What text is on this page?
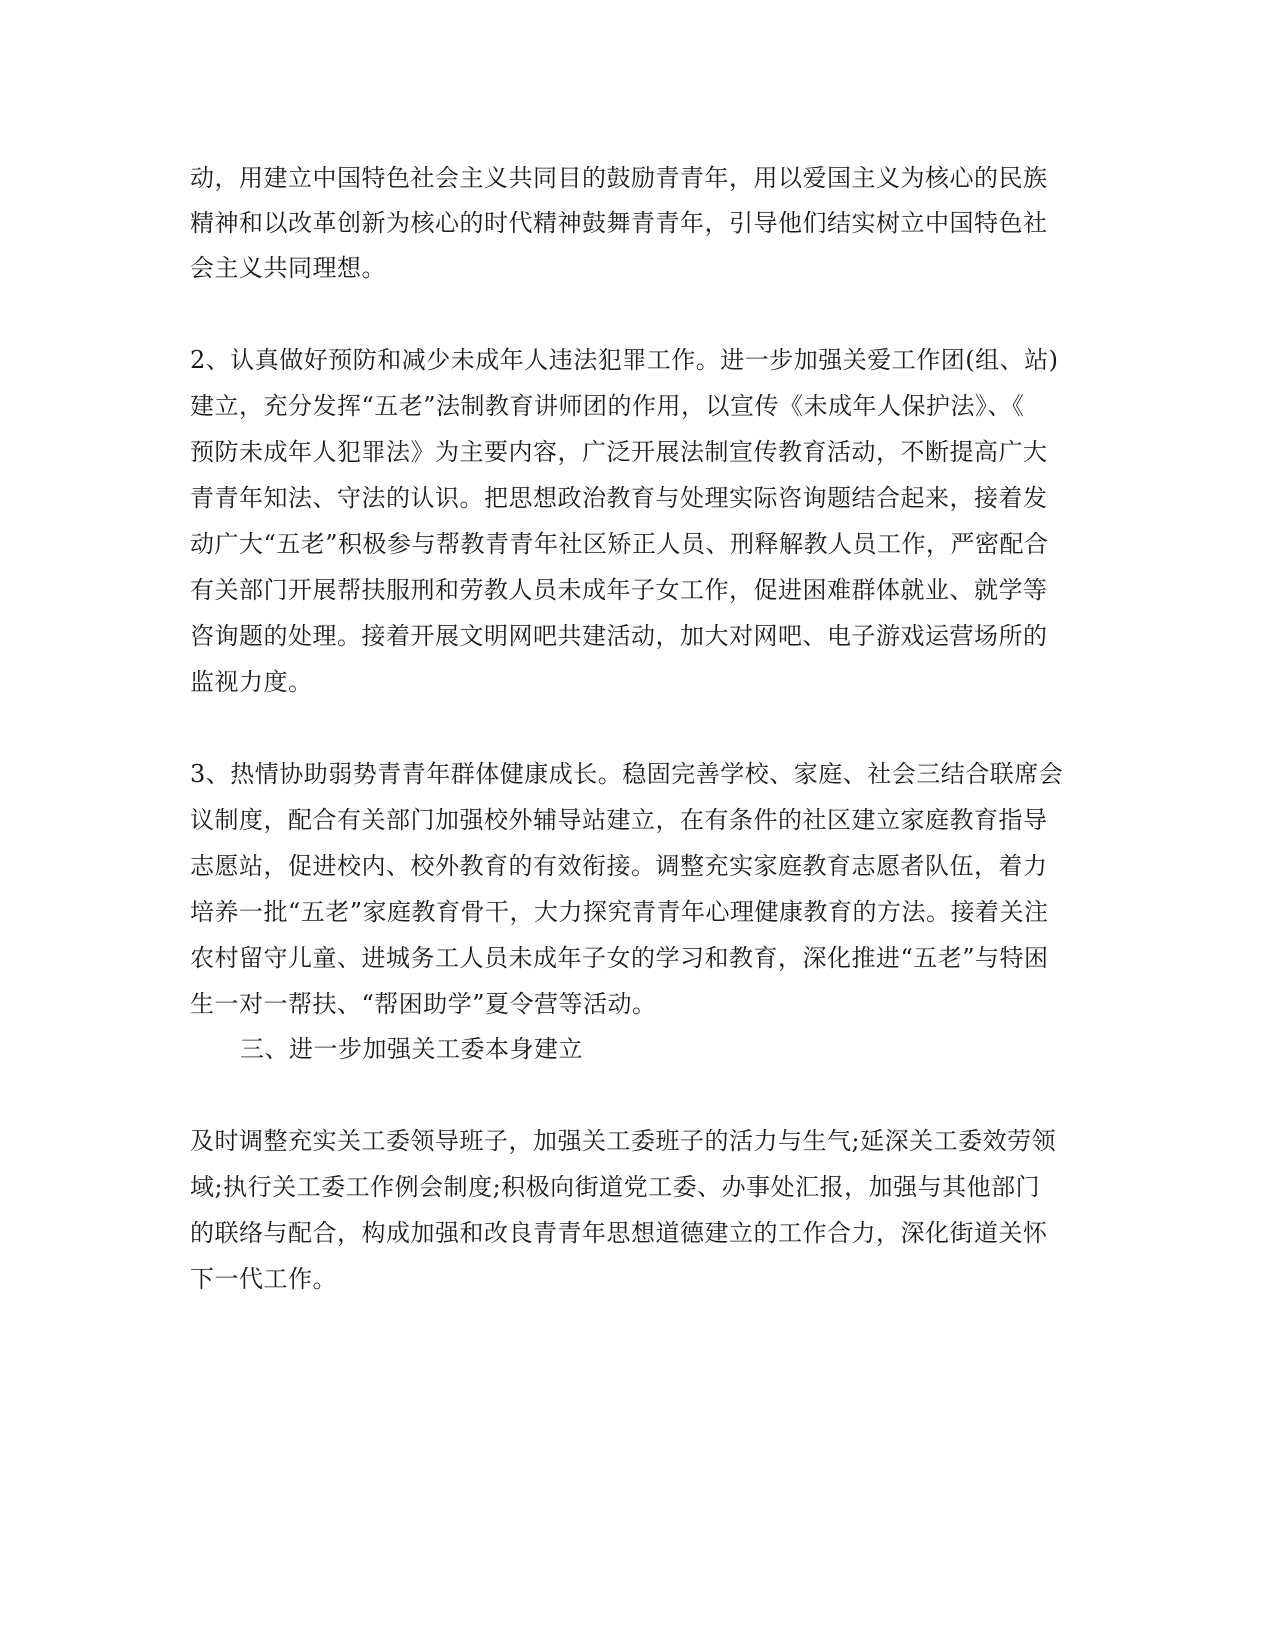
动，用建立中国特色社会主义共同目的鼓励青青年，用以爱国主义为核心的民族
精神和以改革创新为核心的时代精神鼓舞青青年，引导他们结实树立中国特色社
会主义共同理想。
2、认真做好预防和减少未成年人违法犯罪工作。进一步加强关爱工作团(组、站)
建立，充分发挥“五老”法制教育讲师团的作用，以宣传《未成年人保护法》、《
预防未成年人犯罪法》为主要内容，广泛开展法制宣传教育活动，不断提高广大
青青年知法、守法的认识。把思想政治教育与处理实际咨询题结合起来，接着发
动广大“五老”积极参与帮教青青年社区矫正人员、刑释解教人员工作，严密配合
有关部门开展帮扶服刑和劳教人员未成年子女工作，促进困难群体就业、就学等
咨询题的处理。接着开展文明网吧共建活动，加大对网吧、电子游戏运营场所的
监视力度。
3、热情协助弱势青青年群体健康成长。稳固完善学校、家庭、社会三结合联席会
议制度，配合有关部门加强校外辅导站建立，在有条件的社区建立家庭教育指导
志愿站，促进校内、校外教育的有效衔接。调整充实家庭教育志愿者队伍，着力
培养一批“五老”家庭教育骨干，大力探究青青年心理健康教育的方法。接着关注
农村留守儿童、进城务工人员未成年子女的学习和教育，深化推进“五老”与特困
生一对一帮扶、“帮困助学”夏令营等活动。
三、进一步加强关工委本身建立
及时调整充实关工委领导班子，加强关工委班子的活力与生气;延深关工委效劳领
域;执行关工委工作例会制度;积极向街道党工委、办事处汇报，加强与其他部门
的联络与配合，构成加强和改良青青年思想道德建立的工作合力，深化街道关怀
下一代工作。
